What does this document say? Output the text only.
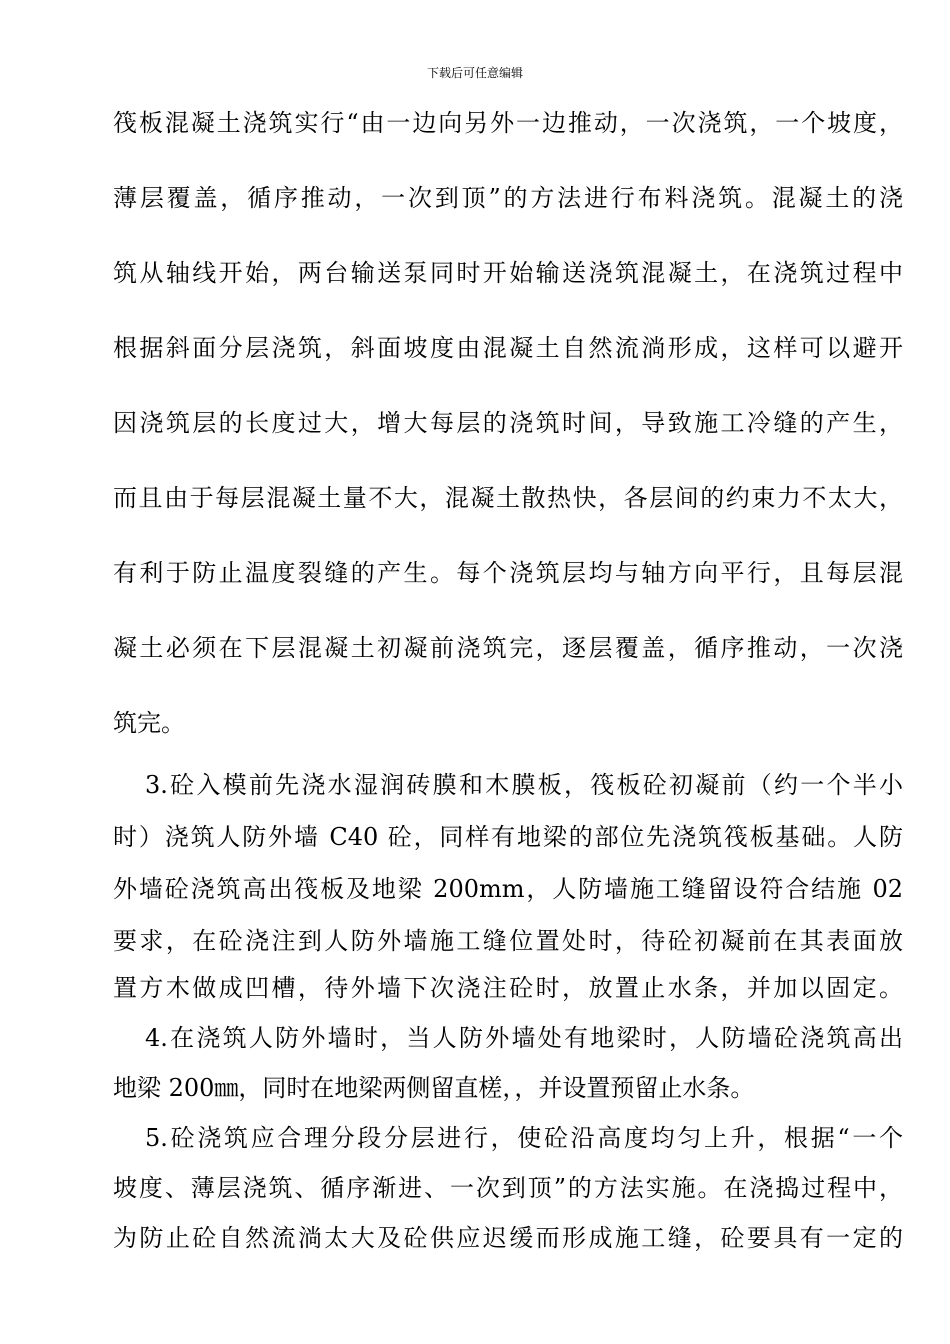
下载后可任意编辑
筏板混凝土浇筑实行“由一边向另外一边推动，一次浇筑，一个坡度，
薄层覆盖，循序推动，一次到顶”的方法进行布料浇筑。混凝土的浇
筑从轴线开始，两台输送泵同时开始输送浇筑混凝土，在浇筑过程中
根据斜面分层浇筑，斜面坡度由混凝土自然流淌形成，这样可以避开
因浇筑层的长度过大，增大每层的浇筑时间，导致施工冷缝的产生，
而且由于每层混凝土量不大，混凝土散热快，各层间的约束力不太大，
有利于防止温度裂缝的产生。每个浇筑层均与轴方向平行，且每层混
凝土必须在下层混凝土初凝前浇筑完，逐层覆盖，循序推动，一次浇
筑完。
3.砼入模前先浇水湿润砖膜和木膜板，筏板砼初凝前（约一个半小
时）浇筑人防外墙 C40 砼，同样有地梁的部位先浇筑筏板基础。人防
外墙砼浇筑高出筏板及地梁 200mm，人防墙施工缝留设符合结施 02
要求，在砼浇注到人防外墙施工缝位置处时，待砼初凝前在其表面放
置方木做成凹槽，待外墙下次浇注砼时，放置止水条，并加以固定。
4.在浇筑人防外墙时，当人防外墙处有地梁时，人防墙砼浇筑高出
地梁 200㎜，同时在地梁两侧留直槎，，并设置预留止水条。
5.砼浇筑应合理分段分层进行，使砼沿高度均匀上升，根据“一个
坡度、薄层浇筑、循序渐进、一次到顶”的方法实施。在浇捣过程中，
为防止砼自然流淌太大及砼供应迟缓而形成施工缝，砼要具有一定的
